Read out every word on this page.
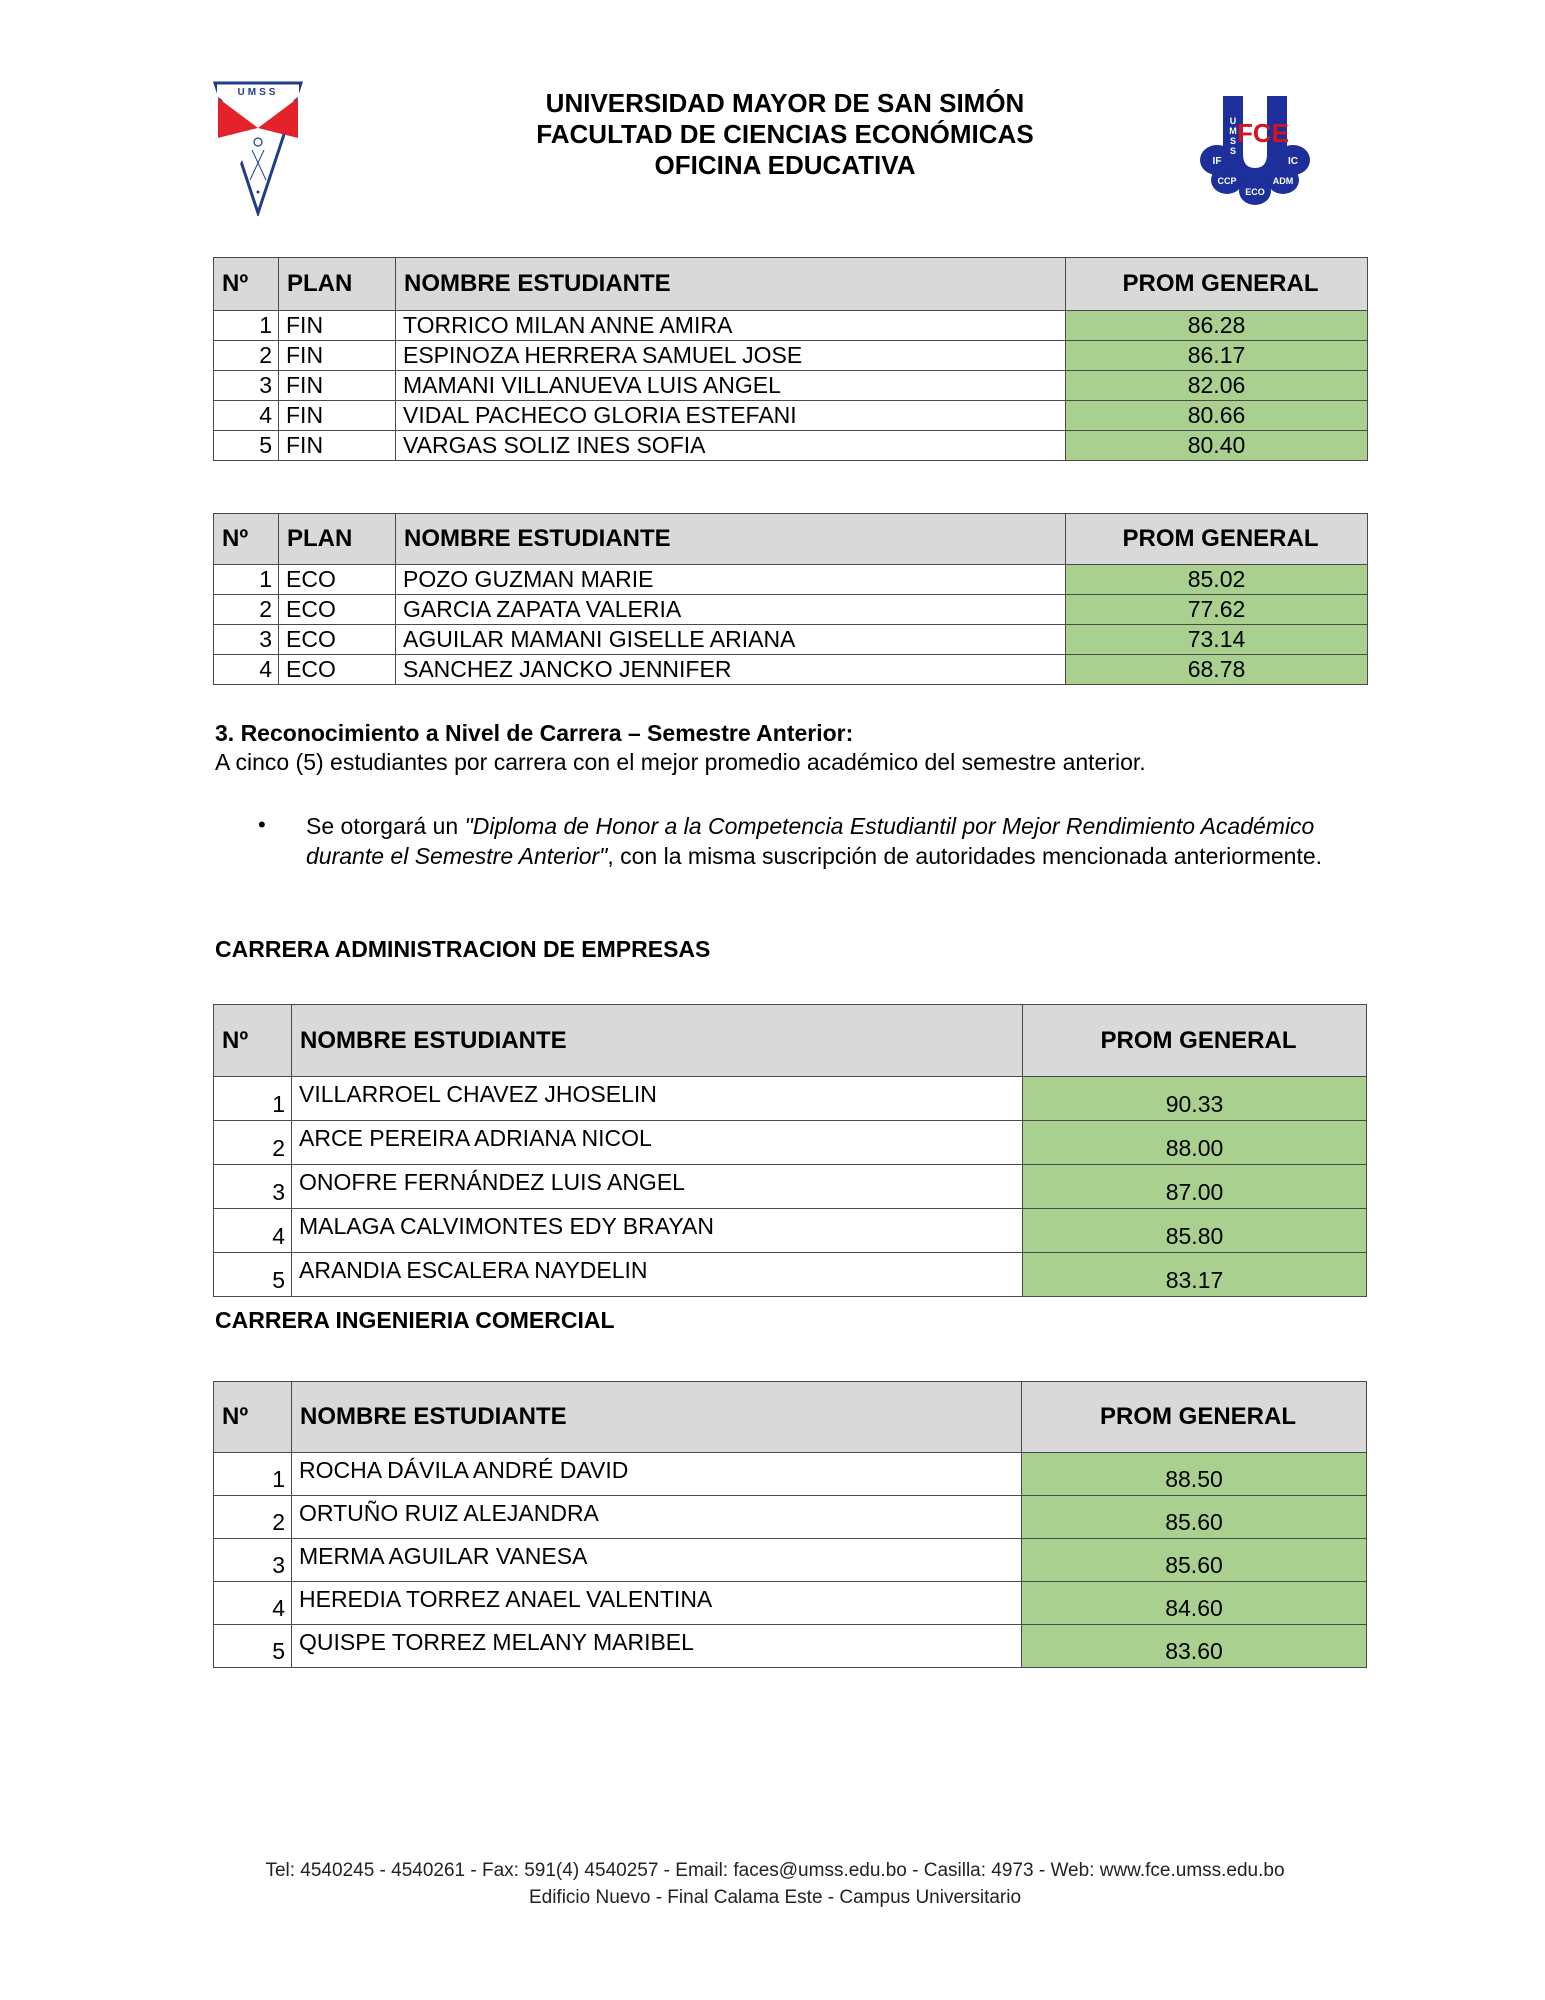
UMSS	UNIVERSIDAD MAYOR DE SAN SIMÓN
FACULTAD DE CIENCIAS ECONÓMICAS
OFICINA EDUCATIVA
U
M
S
S
FCE
IF	IC
CCP	ADM
ECO
Nº	PLAN	NOMBRE ESTUDIANTE	PROM GENERAL
1	FIN	TORRICO MILAN ANNE AMIRA	86.28
2	FIN	ESPINOZA HERRERA SAMUEL JOSE	86.17
3	FIN	MAMANI VILLANUEVA LUIS ANGEL	82.06
4	FIN	VIDAL PACHECO GLORIA ESTEFANI	80.66
5	FIN	VARGAS SOLIZ INES SOFIA	80.40
Nº	PLAN	NOMBRE ESTUDIANTE	PROM GENERAL
1	ECO	POZO GUZMAN MARIE	85.02
2	ECO	GARCIA ZAPATA VALERIA	77.62
3	ECO	AGUILAR MAMANI GISELLE ARIANA	73.14
4	ECO	SANCHEZ JANCKO JENNIFER	68.78
3. Reconocimiento a Nivel de Carrera – Semestre Anterior:
A cinco (5) estudiantes por carrera con el mejor promedio académico del semestre anterior.
• Se otorgará un "Diploma de Honor a la Competencia Estudiantil por Mejor Rendimiento Académico durante el Semestre Anterior", con la misma suscripción de autoridades mencionada anteriormente.
CARRERA ADMINISTRACION DE EMPRESAS
Nº	NOMBRE ESTUDIANTE	PROM GENERAL
1	VILLARROEL CHAVEZ JHOSELIN	90.33
2	ARCE PEREIRA ADRIANA NICOL	88.00
3	ONOFRE FERNÁNDEZ LUIS ANGEL	87.00
4	MALAGA CALVIMONTES EDY BRAYAN	85.80
5	ARANDIA ESCALERA NAYDELIN	83.17
CARRERA INGENIERIA COMERCIAL
Nº	NOMBRE ESTUDIANTE	PROM GENERAL
1	ROCHA DÁVILA ANDRÉ DAVID	88.50
2	ORTUÑO RUIZ ALEJANDRA	85.60
3	MERMA AGUILAR VANESA	85.60
4	HEREDIA TORREZ ANAEL VALENTINA	84.60
5	QUISPE TORREZ MELANY MARIBEL	83.60
Tel: 4540245 - 4540261 - Fax: 591(4) 4540257 - Email: faces@umss.edu.bo - Casilla: 4973 - Web: www.fce.umss.edu.bo
Edificio Nuevo - Final Calama Este - Campus Universitario
